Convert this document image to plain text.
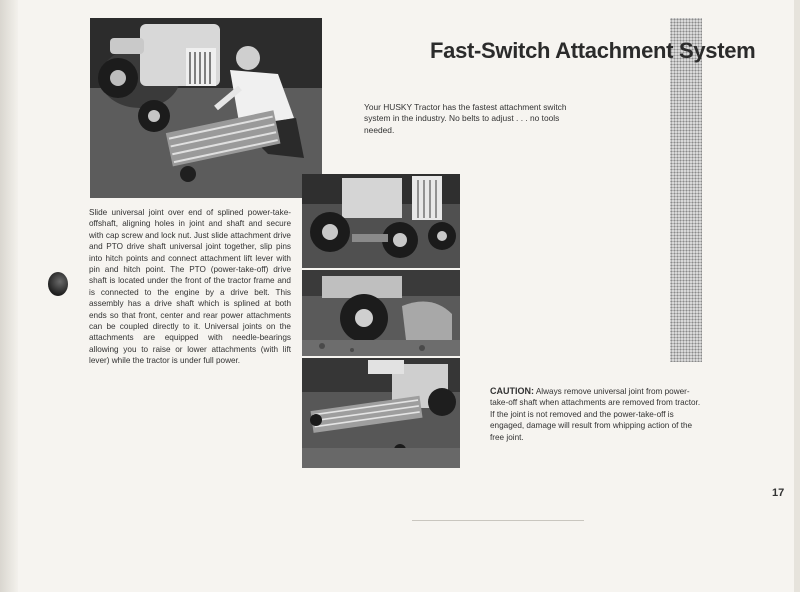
Fast-Switch Attachment System
Your HUSKY Tractor has the fastest attachment switch system in the industry. No belts to adjust . . . no tools needed.
Slide universal joint over end of splined power-take-offshaft, aligning holes in joint and shaft and secure with cap screw and lock nut. Just slide attachment drive and PTO drive shaft universal joint together, slip pins into hitch points and connect attachment lift lever with pin and hitch point. The PTO (power-take-off) drive shaft is located under the front of the tractor frame and is connected to the engine by a drive belt. This assembly has a drive shaft which is splined at both ends so that front, center and rear power attachments can be coupled directly to it. Universal joints on the attachments are equipped with needle-bearings allowing you to raise or lower attachments (with lift lever) while the tractor is under full power.
CAUTION: Always remove universal joint from power-take-off shaft when attachments are removed from tractor. If the joint is not removed and the power-take-off is engaged, damage will result from whipping action of the free joint.
17
